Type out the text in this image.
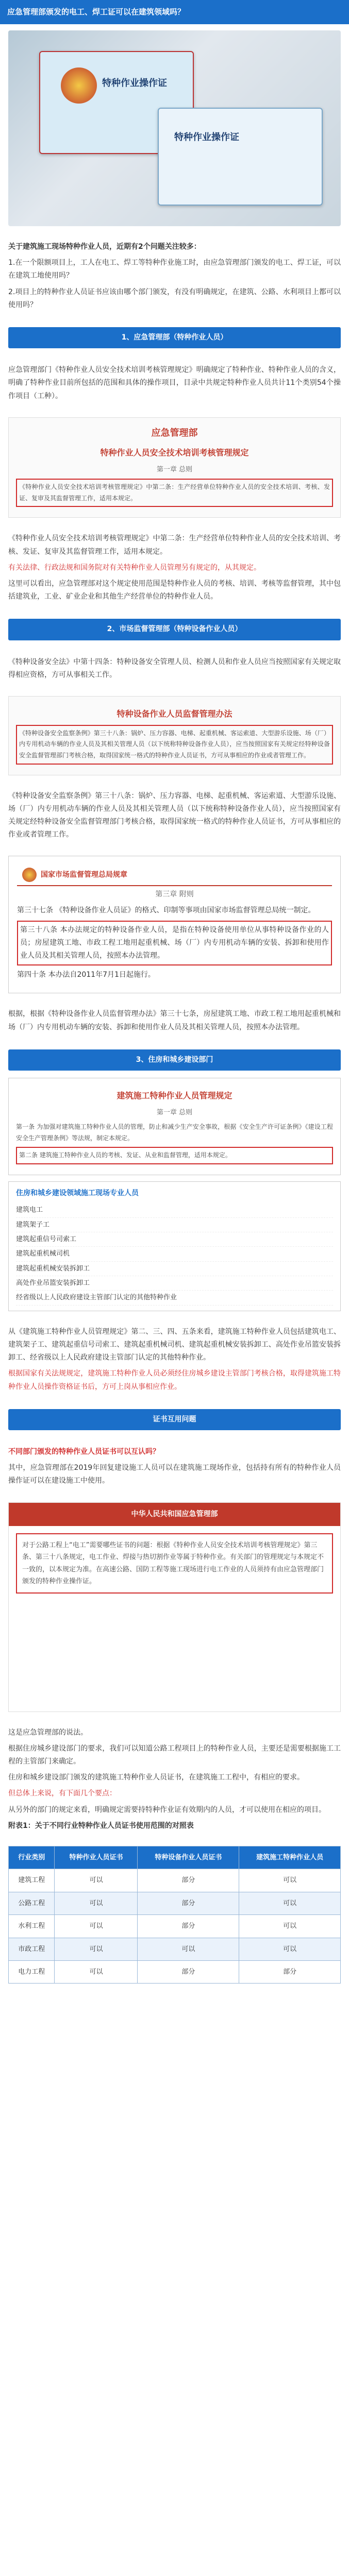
应急管理部颁发的电工、焊工证可以在建筑领域吗？
特种作业操作证
特种作业操作证

关于建筑施工现场特种作业人员，近期有2个问题关注较多：

1.在一个限额项目上，工人在电工、焊工等特种作业施工时，由应急管理部门颁发的电工、焊工证，可以在建筑工地使用吗？

2.项目上的特种作业人员证书应该由哪个部门颁发，有没有明确规定，在建筑、公路、水利项目上都可以使用吗？

1、应急管理部（特种作业人员）

应急管理部门《特种作业人员安全技术培训考核管理规定》明确规定了特种作业、特种作业人员的含义，明确了特种作业目前所包括的范围和具体的操作项目，目录中共规定特种作业人员共计11个类别54个操作项目（工种）。

应急管理部
特种作业人员安全技术培训考核管理规定
第一章 总则

《特种作业人员安全技术培训考核管理规定》中第二条：生产经营单位特种作业人员的安全技术培训、考核、发证、复审及其监督管理工作，适用本规定。

《特种作业人员安全技术培训考核管理规定》中第二条：生产经营单位特种作业人员的安全技术培训、考核、发证、复审及其监督管理工作，适用本规定。

有关法律、行政法规和国务院对有关特种作业人员管理另有规定的，从其规定。

这里可以看出，应急管理部对这个规定使用范围是特种作业人员的考核、培训、考核等监督管理，其中包括建筑业，工业、矿业企业和其他生产经营单位的特种作业人员。

2、市场监督管理部（特种设备作业人员）

《特种设备安全法》中第十四条：特种设备安全管理人员、检测人员和作业人员应当按照国家有关规定取得相应资格，方可从事相关工作。

特种设备作业人员监督管理办法

《特种设备安全监察条例》第三十八条：锅炉、压力容器、电梯、起重机械、客运索道、大型游乐设施、场（厂）内专用机动车辆的作业人员及其相关管理人员（以下统称特种设备作业人员），应当按照国家有关规定经特种设备安全监督管理部门考核合格，取得国家统一格式的特种作业人员证书，方可从事相应的作业或者管理工作。

《特种设备安全监察条例》第三十八条：锅炉、压力容器、电梯、起重机械、客运索道、大型游乐设施、场（厂）内专用机动车辆的作业人员及其相关管理人员（以下统称特种设备作业人员），应当按照国家有关规定经特种设备安全监督管理部门考核合格，取得国家统一格式的特种作业人员证书，方可从事相应的作业或者管理工作。

国家市场监督管理总局规章

第三章 附则

第三十七条 《特种设备作业人员证》的格式、印制等事项由国家市场监督管理总局统一制定。

第三十八条 本办法规定的特种设备作业人员，是指在特种设备使用单位从事特种设备作业的人员；房屋建筑工地、市政工程工地用起重机械、场（厂）内专用机动车辆的安装、拆卸和使用作业人员及其相关管理人员，按照本办法管理。

第四十条 本办法自2011年7月1日起施行。

根据，根据《特种设备作业人员监督管理办法》第三十七条，房屋建筑工地、市政工程工地用起重机械和场（厂）内专用机动车辆的安装、拆卸和使用作业人员及其相关管理人员，按照本办法管理。

3、住房和城乡建设部门
建筑施工特种作业人员管理规定
第一章 总则

第一条 为加强对建筑施工特种作业人员的管理，防止和减少生产安全事故，根据《安全生产许可证条例》《建设工程安全生产管理条例》等法规，制定本规定。

第二条 建筑施工特种作业人员的考核、发证、从业和监督管理，适用本规定。

住房和城乡建设领域施工现场专业人员
建筑电工
建筑架子工
建筑起重信号司索工
建筑起重机械司机
建筑起重机械安装拆卸工
高处作业吊篮安装拆卸工
经省级以上人民政府建设主管部门认定的其他特种作业

从《建筑施工特种作业人员管理规定》第二、三、四、五条来看，建筑施工特种作业人员包括建筑电工、建筑架子工、建筑起重信号司索工、建筑起重机械司机、建筑起重机械安装拆卸工、高处作业吊篮安装拆卸工、经省级以上人民政府建设主管部门认定的其他特种作业。

根据国家有关法规规定，建筑施工特种作业人员必须经住房城乡建设主管部门考核合格，取得建筑施工特种作业人员操作资格证书后，方可上岗从事相应作业。

证书互用问题

不同部门颁发的特种作业人员证书可以互认吗？

其中，应急管理部在2019年回复建设施工人员可以在建筑施工现场作业，包括持有所有的特种作业人员操作证可以在建设施工中使用。

中华人民共和国应急管理部
对于公路工程上“电工”需要哪些证书的问题：根据《特种作业人员安全技术培训考核管理规定》第三条、第三十八条规定，电工作业、焊接与热切割作业等属于特种作业。有关部门的管理规定与本规定不一致的，以本规定为准。在高速公路、国防工程等施工现场进行电工作业的人员须持有由应急管理部门颁发的特种作业操作证。

这是应急管理部的说法。

根据住房城乡建设部门的要求，我们可以知道公路工程项目上的特种作业人员，主要还是需要根据施工工程的主管部门来确定。

住房和城乡建设部门颁发的建筑施工特种作业人员证书，在建筑施工工程中，有相应的要求。

但总体上来说，有下面几个要点：

从另外的部门的规定来看，明确规定需要持特种作业证有效期内的人员，才可以使用在相应的项目。

附表1：关于不同行业特种作业人员证书使用范围的对照表

行业类别	特种作业人员证书	特种设备作业人员证书	建筑施工特种作业人员
建筑工程	可以	部分	可以
公路工程	可以	部分	可以
水利工程	可以	部分	可以
市政工程	可以	可以	可以
电力工程	可以	部分	部分
